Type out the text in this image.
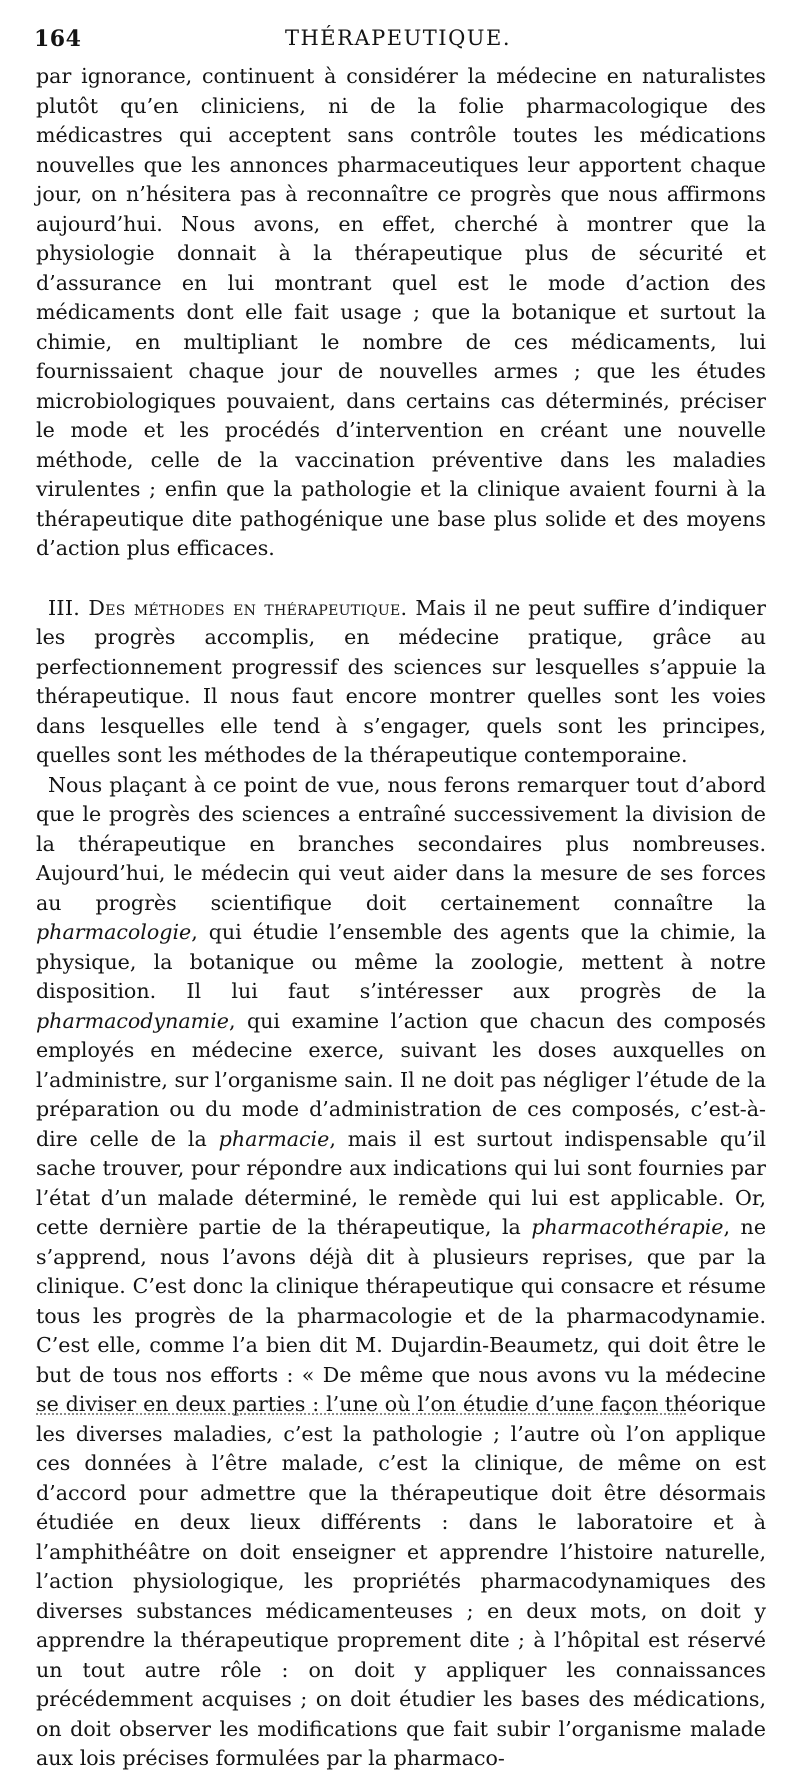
164	THÉRAPEUTIQUE.

par ignorance, continuent à considérer la médecine en naturalistes plutôt qu’en cliniciens, ni de la folie pharmacologique des médicastres qui acceptent sans contrôle toutes les médications nouvelles que les annonces pharmaceutiques leur apportent chaque jour, on n’hésitera pas à reconnaître ce progrès que nous affirmons aujourd’hui. Nous avons, en effet, cherché à montrer que la physiologie donnait à la thérapeutique plus de sécurité et d’assurance en lui montrant quel est le mode d’action des médicaments dont elle fait usage ; que la botanique et surtout la chimie, en multipliant le nombre de ces médicaments, lui fournissaient chaque jour de nouvelles armes ; que les études microbiologiques pouvaient, dans certains cas déterminés, préciser le mode et les procédés d’intervention en créant une nouvelle méthode, celle de la vaccination préventive dans les maladies virulentes ; enfin que la pathologie et la clinique avaient fourni à la thérapeutique dite pathogénique une base plus solide et des moyens d’action plus efficaces.

III. Des méthodes en thérapeutique. Mais il ne peut suffire d’indiquer les progrès accomplis, en médecine pratique, grâce au perfectionnement progressif des sciences sur lesquelles s’appuie la thérapeutique. Il nous faut encore montrer quelles sont les voies dans lesquelles elle tend à s’engager, quels sont les principes, quelles sont les méthodes de la thérapeutique contemporaine.

Nous plaçant à ce point de vue, nous ferons remarquer tout d’abord que le progrès des sciences a entraîné successivement la division de la thérapeutique en branches secondaires plus nombreuses. Aujourd’hui, le médecin qui veut aider dans la mesure de ses forces au progrès scientifique doit certainement connaître la pharmacologie, qui étudie l’ensemble des agents que la chimie, la physique, la botanique ou même la zoologie, mettent à notre disposition. Il lui faut s’intéresser aux progrès de la pharmacodynamie, qui examine l’action que chacun des composés employés en médecine exerce, suivant les doses auxquelles on l’administre, sur l’organisme sain. Il ne doit pas négliger l’étude de la préparation ou du mode d’administration de ces composés, c’est-à-dire celle de la pharmacie, mais il est surtout indispensable qu’il sache trouver, pour répondre aux indications qui lui sont fournies par l’état d’un malade déterminé, le remède qui lui est applicable. Or, cette dernière partie de la thérapeutique, la pharmacothérapie, ne s’apprend, nous l’avons déjà dit à plusieurs reprises, que par la clinique. C’est donc la clinique thérapeutique qui consacre et résume tous les progrès de la pharmacologie et de la pharmacodynamie. C’est elle, comme l’a bien dit M. Dujardin-Beaumetz, qui doit être le but de tous nos efforts : « De même que nous avons vu la médecine se diviser en deux parties : l’une où l’on étudie d’une façon théorique les diverses maladies, c’est la pathologie ; l’autre où l’on applique ces données à l’être malade, c’est la clinique, de même on est d’accord pour admettre que la thérapeutique doit être désormais étudiée en deux lieux différents : dans le laboratoire et à l’amphithéâtre on doit enseigner et apprendre l’histoire naturelle, l’action physiologique, les propriétés pharmacodynamiques des diverses substances médicamenteuses ; en deux mots, on doit y apprendre la thérapeutique proprement dite ; à l’hôpital est réservé un tout autre rôle : on doit y appliquer les connaissances précédemment acquises ; on doit étudier les bases des médications, on doit observer les modifications que fait subir l’organisme malade aux lois précises formulées par la pharmaco-
